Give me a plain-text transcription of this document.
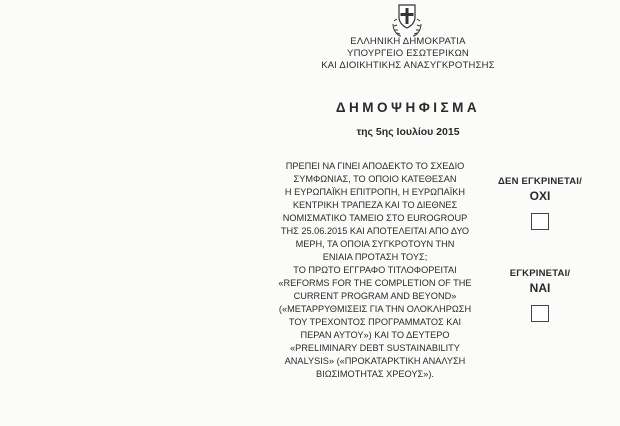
ΕΛΛΗΝΙΚΗ ΔΗΜΟΚΡΑΤΙΑ
ΥΠΟΥΡΓΕΙΟ ΕΣΩΤΕΡΙΚΩΝ
ΚΑΙ ΔΙΟΙΚΗΤΙΚΗΣ ΑΝΑΣΥΓΚΡΟΤΗΣΗΣ
ΔΗΜΟΨΗΦΙΣΜΑ
της 5ης Ιουλίου 2015
ΠΡΕΠΕΙ ΝΑ ΓΙΝΕΙ ΑΠΟΔΕΚΤΟ ΤΟ ΣΧΕΔΙΟ
ΣΥΜΦΩΝΙΑΣ, ΤΟ ΟΠΟΙΟ ΚΑΤΕΘΕΣΑΝ
Η ΕΥΡΩΠΑΪΚΗ ΕΠΙΤΡΟΠΗ, Η ΕΥΡΩΠΑΪΚΗ
ΚΕΝΤΡΙΚΗ ΤΡΑΠΕΖΑ ΚΑΙ ΤΟ ΔΙΕΘΝΕΣ
ΝΟΜΙΣΜΑΤΙΚΟ ΤΑΜΕΙΟ ΣΤΟ EUROGROUP
ΤΗΣ 25.06.2015 ΚΑΙ ΑΠΟΤΕΛΕΙΤΑΙ ΑΠΟ ΔΥΟ
ΜΕΡΗ, ΤΑ ΟΠΟΙΑ ΣΥΓΚΡΟΤΟΥΝ ΤΗΝ
ΕΝΙΑΙΑ ΠΡΟΤΑΣΗ ΤΟΥΣ;
ΤΟ ΠΡΩΤΟ ΕΓΓΡΑΦΟ ΤΙΤΛΟΦΟΡΕΙΤΑΙ
«REFORMS FOR THE COMPLETION OF THE
CURRENT PROGRAM AND BEYOND»
(«ΜΕΤΑΡΡΥΘΜΙΣΕΙΣ ΓΙΑ ΤΗΝ ΟΛΟΚΛΗΡΩΣΗ
ΤΟΥ ΤΡΕΧΟΝΤΟΣ ΠΡΟΓΡΑΜΜΑΤΟΣ ΚΑΙ
ΠΕΡΑΝ ΑΥΤΟΥ») ΚΑΙ ΤΟ ΔΕΥΤΕΡΟ
«PRELIMINARY DEBT SUSTAINABILITY
ANALYSIS» («ΠΡΟΚΑΤΑΡΚΤΙΚΗ ΑΝΑΛΥΣΗ
ΒΙΩΣΙΜΟΤΗΤΑΣ ΧΡΕΟΥΣ»).
ΔΕΝ ΕΓΚΡΙΝΕΤΑΙ/
ΟΧΙ
ΕΓΚΡΙΝΕΤΑΙ/
ΝΑΙ
